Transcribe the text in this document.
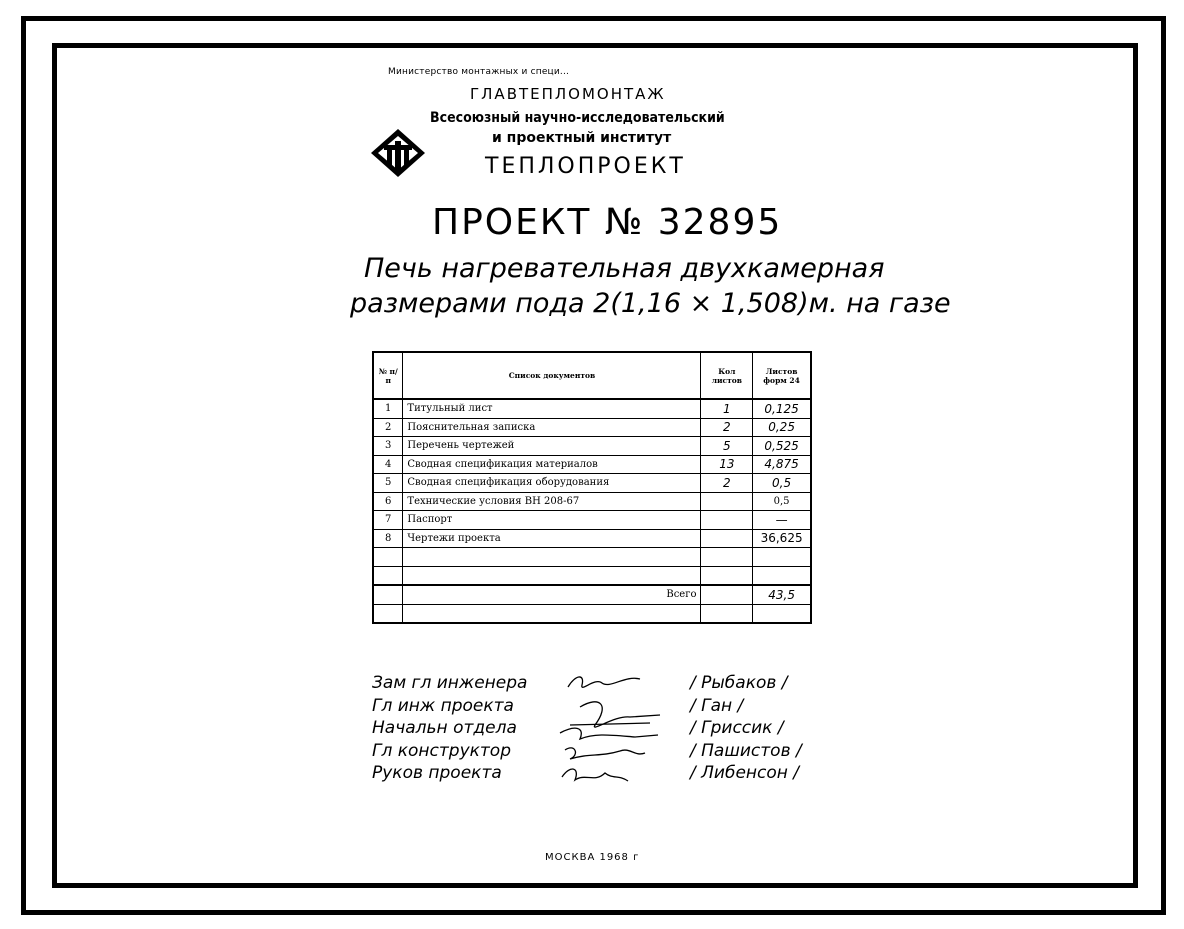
Министерство монтажных и специ...
ГЛАВТЕПЛОМОНТАЖ
Всесоюзный научно-исследовательский
и проектный институт
ТЕПЛОПРОЕКТ
ПРОЕКТ № 32895
Печь нагревательная двухкамерная
размерами пода 2(1,16 × 1,508)м. на газе
№ п/п	Список документов	Кол листов	Листов форм 24
1	Титульный лист	1	0,125
2	Пояснительная записка	2	0,25
3	Перечень чертежей	5	0,525
4	Сводная спецификация материалов	13	4,875
5	Сводная спецификация оборудования	2	0,5
6	Технические условия ВН 208-67		0,5
7	Паспорт		—
8	Чертежи проекта		36,625

	Всего		43,5

Зам гл инженера
Гл инж проекта
Начальн отдела
Гл конструктор
Руков проекта
/ Рыбаков /
/ Ган /
/ Гриссик /
/ Пашистов /
/ Либенсон /
МОСКВА 1968 г
